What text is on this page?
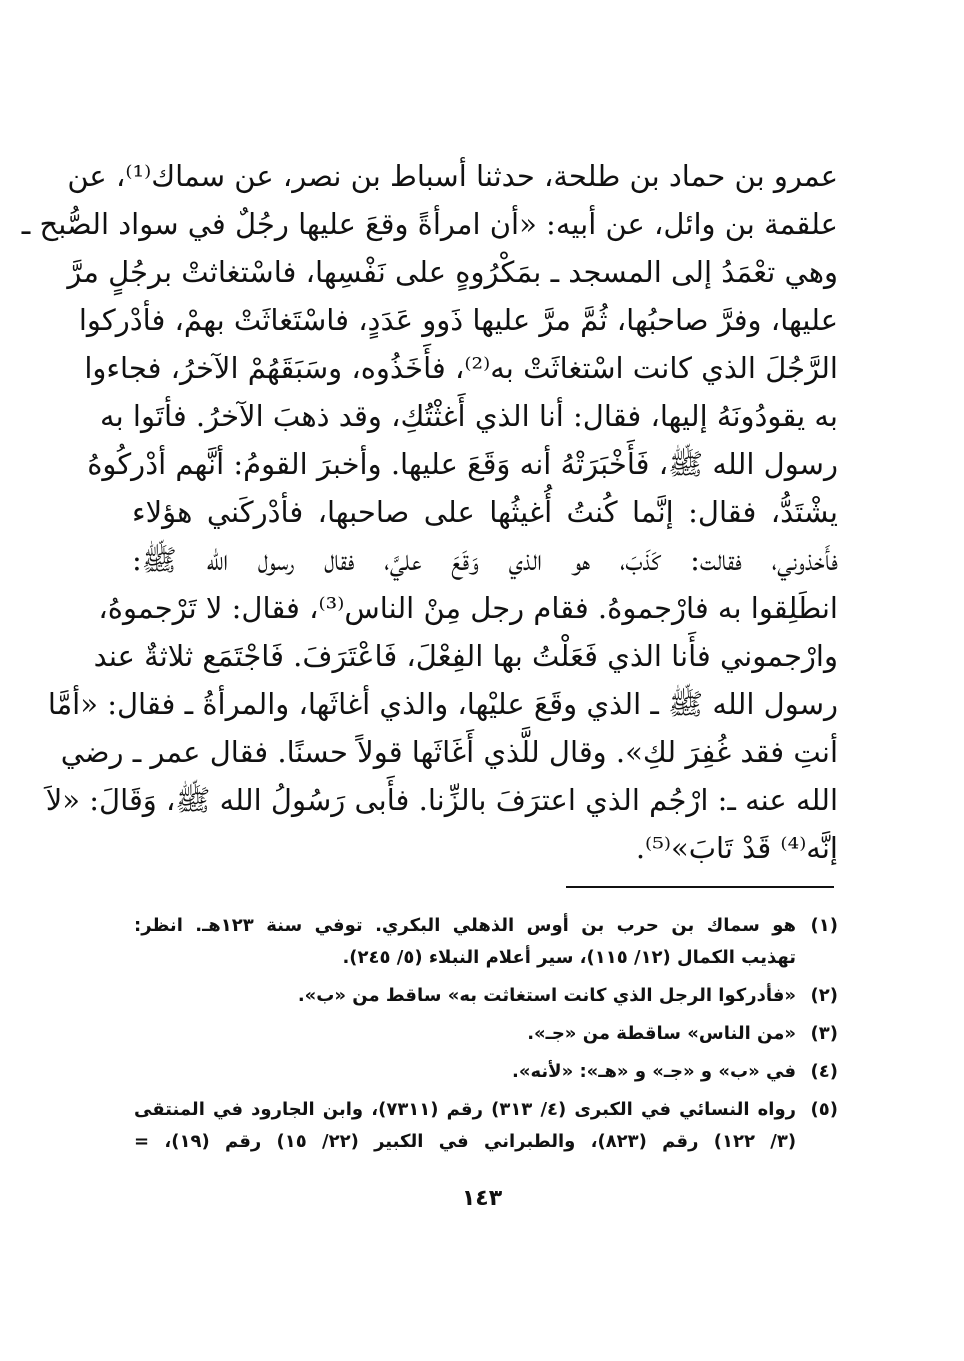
عمرو بن حماد بن طلحة، حدثنا أسباط بن نصر، عن سماك⁽¹⁾، عن
علقمة بن وائل، عن أبيه: «أن امرأةً وقعَ عليها رجُلٌ في سواد الصُّبح ـ
وهي تعْمَدُ إلى المسجد ـ بمَكْرُوهٍ على نَفْسِها، فاسْتغاثتْ برجُلٍ مرَّ
عليها، وفرَّ صاحبُها، ثُمَّ مرَّ عليها ذَوو عَدَدٍ، فاسْتَغاثَتْ بهمْ، فأدْركوا
الرَّجُلَ الذي كانت اسْتغاثَتْ به⁽²⁾، فأَخَذُوه، وسَبَقَهُمْ الآخرُ، فجاءوا
به يقودُونَهُ إليها، فقال: أنا الذي أَغثْتُكِ، وقد ذهبَ الآخرُ. فأتَوا به
رسول الله ﷺ، فَأَخْبَرَتْهُ أنه وَقَعَ عليها. وأخبرَ القومُ: أنَّهم أدْركُوهُ
يشْتَدُّ، فقال: إنَّما كُنتُ أُغيثُها على صاحبها، فأدْركَني هؤلاء
فأَخذوني، فقالت: كَذَبَ، هو الذي وَقَعَ عليَّ، فقال رسول الله ﷺ:
انطَلِقوا به فارْجموهُ. فقام رجل مِنْ الناس⁽³⁾، فقال: لا تَرْجموهُ،
وارْجموني فأَنا الذي فَعَلْتُ بها الفِعْلَ، فَاعْتَرَفَ. فَاجْتَمَع ثلاثةٌ عند
رسول الله ﷺ ـ الذي وقَعَ عليْها، والذي أغاثَها، والمرأةُ ـ فقال: «أمَّا
أنتِ فقد غُفِرَ لكِ». وقال للَّذي أَغَاثَها قولاً حسنًا. فقال عمر ـ رضي
الله عنه ـ: ارْجُم الذي اعترَفَ بالزِّنا. فأَبى رَسُولُ الله ﷺ، وَقَالَ: «لاَ
إنَّه⁽⁴⁾ قَدْ تَابَ»⁽⁵⁾.
(١)
هو سماك بن حرب بن أوس الذهلي البكري. توفي سنة ١٢٣هـ. انظر:
تهذيب الكمال (١٢/ ١١٥)، سير أعلام النبلاء (٥/ ٢٤٥).
(٢)
«فأدركوا الرجل الذي كانت استغاثت به» ساقط من «ب».
(٣)
«من الناس» ساقطة من «جـ».
(٤)
في «ب» و «جـ» و «هـ»: «لأنه».
(٥)
رواه النسائي في الكبرى (٤/ ٣١٣) رقم (٧٣١١)، وابن الجارود في المنتقى
(٣/ ١٢٢) رقم (٨٢٣)، والطبراني في الكبير (٢٢/ ١٥) رقم (١٩)، =
١٤٣
